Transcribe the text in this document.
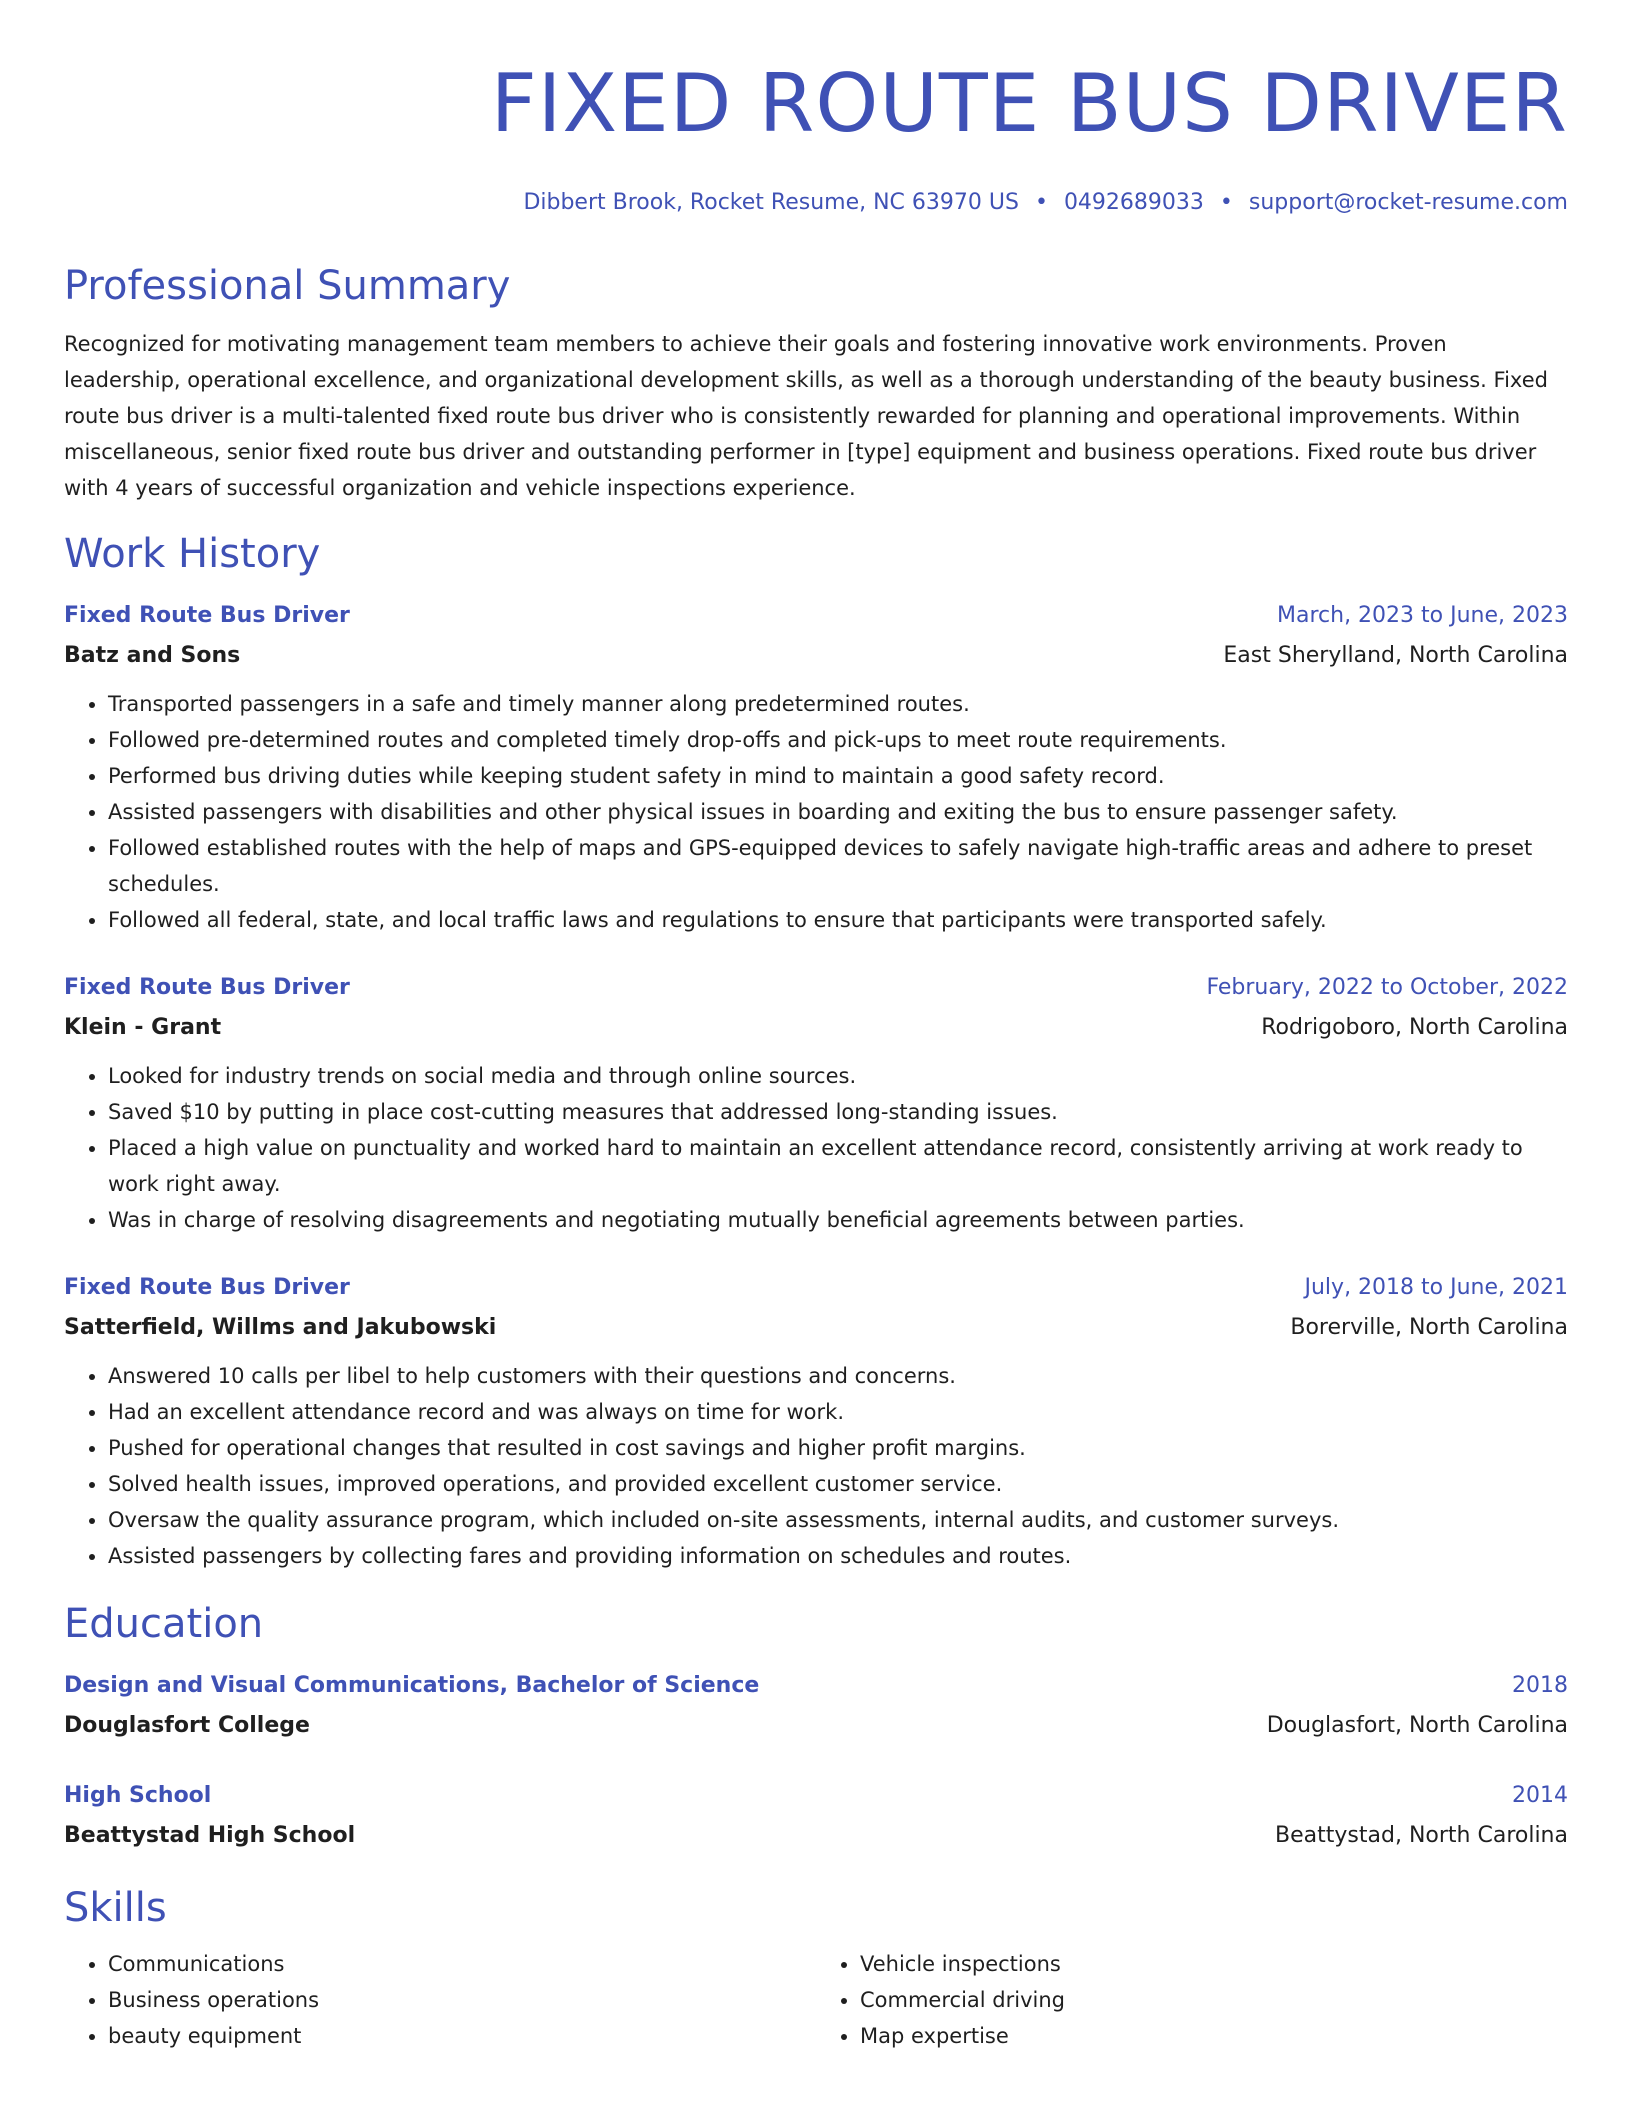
FIXED ROUTE BUS DRIVER
Dibbert Brook, Rocket Resume, NC 63970 US • 0492689033 • support@rocket-resume.com
Professional Summary

Recognized for motivating management team members to achieve their goals and fostering innovative work environments. Proven leadership, operational excellence, and organizational development skills, as well as a thorough understanding of the beauty business. Fixed route bus driver is a multi-talented fixed route bus driver who is consistently rewarded for planning and operational improvements. Within miscellaneous, senior fixed route bus driver and outstanding performer in [type] equipment and business operations. Fixed route bus driver with 4 years of successful organization and vehicle inspections experience.

Work History
Fixed Route Bus Driver	March, 2023 to June, 2023
Batz and Sons	East Sherylland, North Carolina
• Transported passengers in a safe and timely manner along predetermined routes.
• Followed pre-determined routes and completed timely drop-offs and pick-ups to meet route requirements.
• Performed bus driving duties while keeping student safety in mind to maintain a good safety record.
• Assisted passengers with disabilities and other physical issues in boarding and exiting the bus to ensure passenger safety.
• Followed established routes with the help of maps and GPS-equipped devices to safely navigate high-traffic areas and adhere to preset schedules.
• Followed all federal, state, and local traffic laws and regulations to ensure that participants were transported safely.
Fixed Route Bus Driver	February, 2022 to October, 2022
Klein - Grant	Rodrigoboro, North Carolina
• Looked for industry trends on social media and through online sources.
• Saved $10 by putting in place cost-cutting measures that addressed long-standing issues.
• Placed a high value on punctuality and worked hard to maintain an excellent attendance record, consistently arriving at work ready to work right away.
• Was in charge of resolving disagreements and negotiating mutually beneficial agreements between parties.
Fixed Route Bus Driver	July, 2018 to June, 2021
Satterfield, Willms and Jakubowski	Borerville, North Carolina
• Answered 10 calls per libel to help customers with their questions and concerns.
• Had an excellent attendance record and was always on time for work.
• Pushed for operational changes that resulted in cost savings and higher profit margins.
• Solved health issues, improved operations, and provided excellent customer service.
• Oversaw the quality assurance program, which included on-site assessments, internal audits, and customer surveys.
• Assisted passengers by collecting fares and providing information on schedules and routes.
Education
Design and Visual Communications, Bachelor of Science	2018
Douglasfort College	Douglasfort, North Carolina
High School	2014
Beattystad High School	Beattystad, North Carolina
Skills
• Communications
• Business operations
• beauty equipment
• Vehicle inspections
• Commercial driving
• Map expertise
